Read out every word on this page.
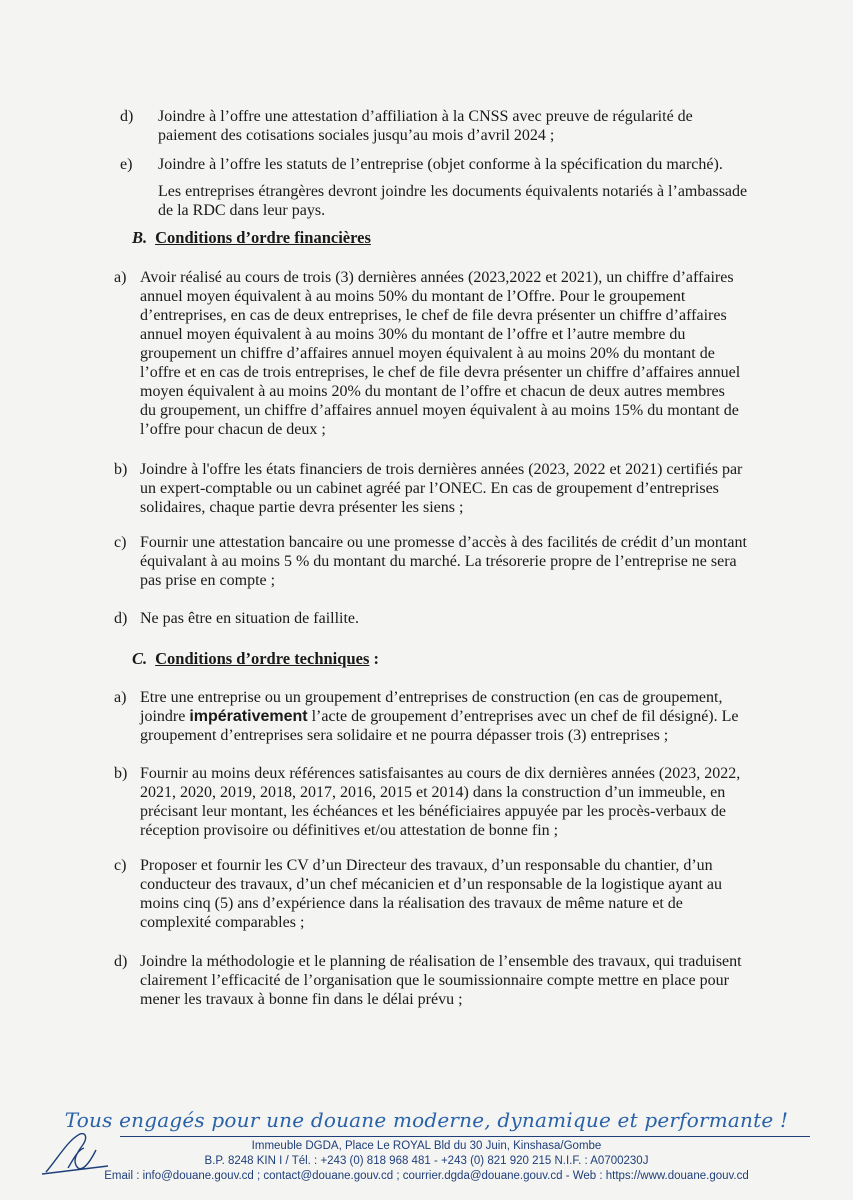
d) Joindre à l’offre une attestation d’affiliation à la CNSS avec preuve de régularité de
paiement des cotisations sociales jusqu’au mois d’avril 2024 ;
e) Joindre à l’offre les statuts de l’entreprise (objet conforme à la spécification du marché).
Les entreprises étrangères devront joindre les documents équivalents notariés à l’ambassade
de la RDC dans leur pays.
B. Conditions d’ordre financières
a) Avoir réalisé au cours de trois (3) dernières années (2023,2022 et 2021), un chiffre d’affaires
annuel moyen équivalent à au moins 50% du montant de l’Offre. Pour le groupement
d’entreprises, en cas de deux entreprises, le chef de file devra présenter un chiffre d’affaires
annuel moyen équivalent à au moins 30% du montant de l’offre et l’autre membre du
groupement un chiffre d’affaires annuel moyen équivalent à au moins 20% du montant de
l’offre et en cas de trois entreprises, le chef de file devra présenter un chiffre d’affaires annuel
moyen équivalent à au moins 20% du montant de l’offre et chacun de deux autres membres
du groupement, un chiffre d’affaires annuel moyen équivalent à au moins 15% du montant de
l’offre pour chacun de deux ;
b) Joindre à l'offre les états financiers de trois dernières années (2023, 2022 et 2021) certifiés par
un expert-comptable ou un cabinet agréé par l’ONEC. En cas de groupement d’entreprises
solidaires, chaque partie devra présenter les siens ;
c) Fournir une attestation bancaire ou une promesse d’accès à des facilités de crédit d’un montant
équivalant à au moins 5 % du montant du marché. La trésorerie propre de l’entreprise ne sera
pas prise en compte ;
d) Ne pas être en situation de faillite.
C. Conditions d’ordre techniques :
a) Etre une entreprise ou un groupement d’entreprises de construction (en cas de groupement,
joindre impérativement l’acte de groupement d’entreprises avec un chef de fil désigné). Le
groupement d’entreprises sera solidaire et ne pourra dépasser trois (3) entreprises ;
b) Fournir au moins deux références satisfaisantes au cours de dix dernières années (2023, 2022,
2021, 2020, 2019, 2018, 2017, 2016, 2015 et 2014) dans la construction d’un immeuble, en
précisant leur montant, les échéances et les bénéficiaires appuyée par les procès-verbaux de
réception provisoire ou définitives et/ou attestation de bonne fin ;
c) Proposer et fournir les CV d’un Directeur des travaux, d’un responsable du chantier, d’un
conducteur des travaux, d’un chef mécanicien et d’un responsable de la logistique ayant au
moins cinq (5) ans d’expérience dans la réalisation des travaux de même nature et de
complexité comparables ;
d) Joindre la méthodologie et le planning de réalisation de l’ensemble des travaux, qui traduisent
clairement l’efficacité de l’organisation que le soumissionnaire compte mettre en place pour
mener les travaux à bonne fin dans le délai prévu ;
Tous engagés pour une douane moderne, dynamique et performante !
Immeuble DGDA, Place Le ROYAL Bld du 30 Juin, Kinshasa/Gombe
B.P. 8248 KIN I / Tél. : +243 (0) 818 968 481 - +243 (0) 821 920 215 N.I.F. : A0700230J
Email : info@douane.gouv.cd ; contact@douane.gouv.cd ; courrier.dgda@douane.gouv.cd - Web : https://www.douane.gouv.cd
